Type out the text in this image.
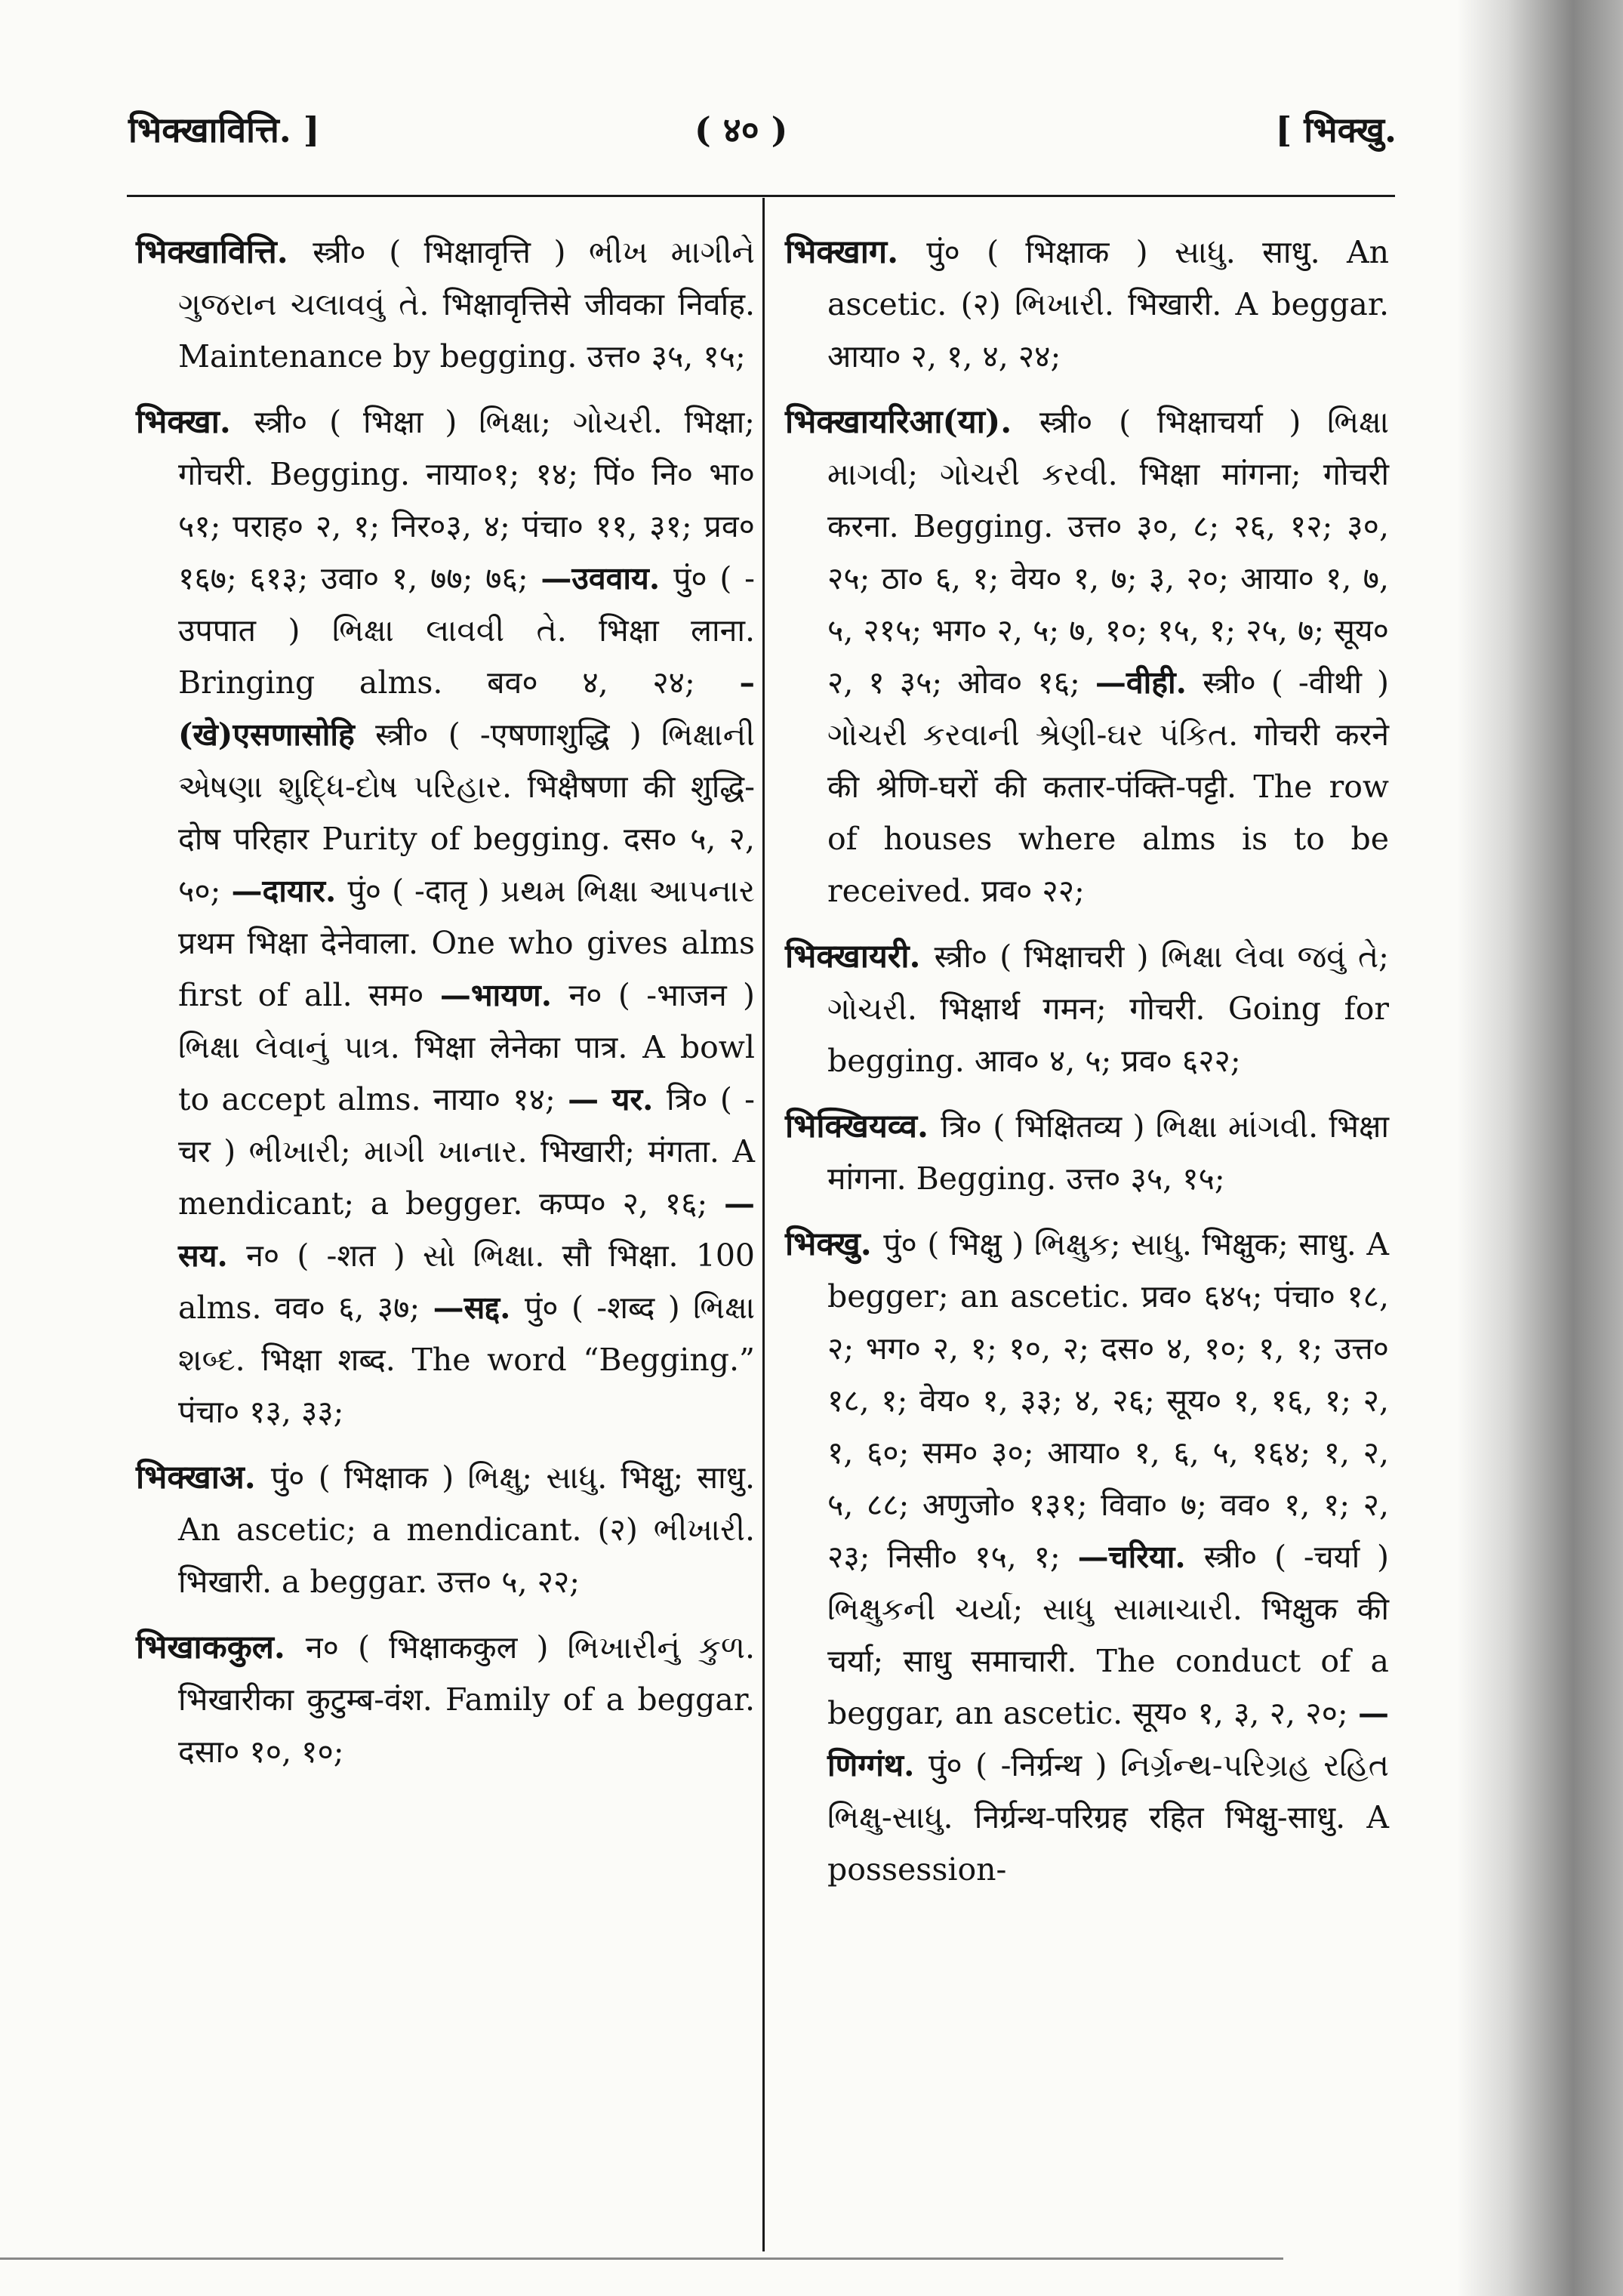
भिक्खावित्ति. ]	( ४० )	[ भिक्खु.

भिक्खावित्ति. स्त्री० ( भिक्षावृत्ति ) ભીખ માગીને ગુજરાન ચલાવવું તે. भिक्षावृत्तिसे जीवका निर्वाह. Maintenance by begging. उत्त० ३५, १५;

भिक्खा. स्त्री० ( भिक्षा ) ભિક્ષા; ગોચરી. भिक्षा; गोचरी. Begging. नाया०१; १४; पिं० नि० भा० ५१; पराह० २, १; निर०३, ४; पंचा० ११, ३१; प्रव० १६७; ६१३; उवा० १, ७७; ७६; —उववाय. पुं० ( -उपपात ) ભિક્ષા લાવવી તે. भिक्षा लाना. Bringing alms. बव० ४, २४; – (खे)एसणासोहि स्त्री० ( -एषणाशुद्धि ) ભિક્ષાની એષણા શુદ્ધિ-દોષ પરિહાર. भिक्षैषणा की शुद्धि-दोष परिहार Purity of begging. दस० ५, २, ५०; —दायार. पुं० ( -दातृ ) પ્રથમ ભિક્ષા આપનાર प्रथम भिक्षा देनेवाला. One who gives alms first of all. सम० —भायण. न० ( -भाजन ) ભિક્ષા લેવાનું પાત્ર. भिक्षा लेनेका पात्र. A bowl to accept alms. नाया० १४; — यर. त्रि० ( -चर ) ભીખારી; માગી ખાનાર. भिखारी; मंगता. A mendicant; a begger. कप्प० २, १६; —सय. न० ( -शत ) સો ભિક્ષા. सौ भिक्षा. 100 alms. वव० ६, ३७; —सद्द. पुं० ( -शब्द ) ભિક્ષા શબ્દ. भिक्षा शब्द. The word “Begging.” पंचा० १३, ३३;

भिक्खाअ. पुं० ( भिक्षाक ) ભિક્ષુ; સાધુ. भिक्षु; साधु. An ascetic; a mendicant. (२) ભીખારી. भिखारी. a beggar. उत्त० ५, २२;

भिखाककुल. न० ( भिक्षाककुल ) ભિખારીનું કુળ. भिखारीका कुटुम्ब-वंश. Family of a beggar. दसा० १०, १०;

भिक्खाग. पुं० ( भिक्षाक ) સાધુ. साधु. An ascetic. (२) ભિખારી. भिखारी. A beggar. आया० २, १, ४, २४;

भिक्खायरिआ(या). स्त्री० ( भिक्षाचर्या ) ભિક્ષા માગવી; ગોચરી કરવી. भिक्षा मांगना; गोचरी करना. Begging. उत्त० ३०, ८; २६, १२; ३०, २५; ठा० ६, १; वेय० १, ७; ३, २०; आया० १, ७, ५, २१५; भग० २, ५; ७, १०; १५, १; २५, ७; सूय० २, १ ३५; ओव० १६; —वीही. स्त्री० ( -वीथी ) ગોચરી કરવાની શ્રેણી-ઘર પંકિત. गोचरी करने की श्रेणि-घरों की कतार-पंक्ति-पट्टी. The row of houses where alms is to be received. प्रव० २२;

भिक्खायरी. स्त्री० ( भिक्षाचरी ) ભિક્ષા લેવા જવું તે; ગોચરી. भिक्षार्थ गमन; गोचरी. Going for begging. आव० ४, ५; प्रव० ६२२;

भिक्खियव्व. त्रि० ( भिक्षितव्य ) ભિક્ષા માંગવી. भिक्षा मांगना. Begging. उत्त० ३५, १५;

भिक्खु. पुं० ( भिक्षु ) ભિક્ષુક; સાધુ. भिक्षुक; साधु. A begger; an ascetic. प्रव० ६४५; पंचा० १८, २; भग० २, १; १०, २; दस० ४, १०; १, १; उत्त० १८, १; वेय० १, ३३; ४, २६; सूय० १, १६, १; २, १, ६०; सम० ३०; आया० १, ६, ५, १६४; १, २, ५, ८८; अणुजो० १३१; विवा० ७; वव० १, १; २, २३; निसी० १५, १; —चरिया. स्त्री० ( -चर्या ) ભિક્ષુકની ચર્યા; સાધુ સામાચારી. भिक्षुक की चर्या; साधु समाचारी. The conduct of a beggar, an ascetic. सूय० १, ३, २, २०; —णिग्गंथ. पुं० ( -निर्ग्रन्थ ) નિર્ગ્રન્થ-પરિગ્રહ રહિત ભિક્ષુ-સાધુ. निर्ग्रन्थ-परिग्रह रहित भिक्षु-साधु. A possession-
